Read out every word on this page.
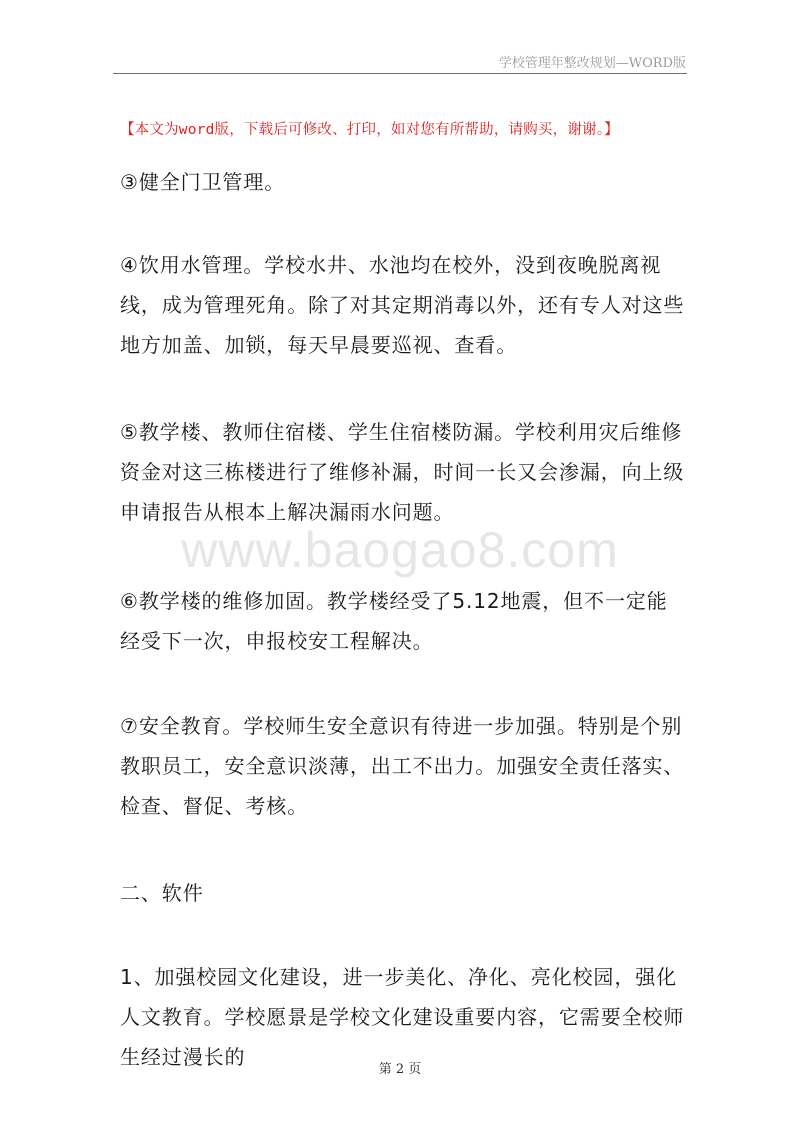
学校管理年整改规划—WORD版
www.baogao8.com
【本文为word版，下载后可修改、打印，如对您有所帮助，请购买，谢谢。】
③健全门卫管理。
④饮用水管理。学校水井、水池均在校外，没到夜晚脱离视线，成为管理死角。除了对其定期消毒以外，还有专人对这些地方加盖、加锁，每天早晨要巡视、查看。
⑤教学楼、教师住宿楼、学生住宿楼防漏。学校利用灾后维修资金对这三栋楼进行了维修补漏，时间一长又会渗漏，向上级申请报告从根本上解决漏雨水问题。
⑥教学楼的维修加固。教学楼经受了5.12地震，但不一定能经受下一次，申报校安工程解决。
⑦安全教育。学校师生安全意识有待进一步加强。特别是个别教职员工，安全意识淡薄，出工不出力。加强安全责任落实、检查、督促、考核。
二、软件
1、加强校园文化建设，进一步美化、净化、亮化校园，强化人文教育。学校愿景是学校文化建设重要内容，它需要全校师生经过漫长的
第 2 页
